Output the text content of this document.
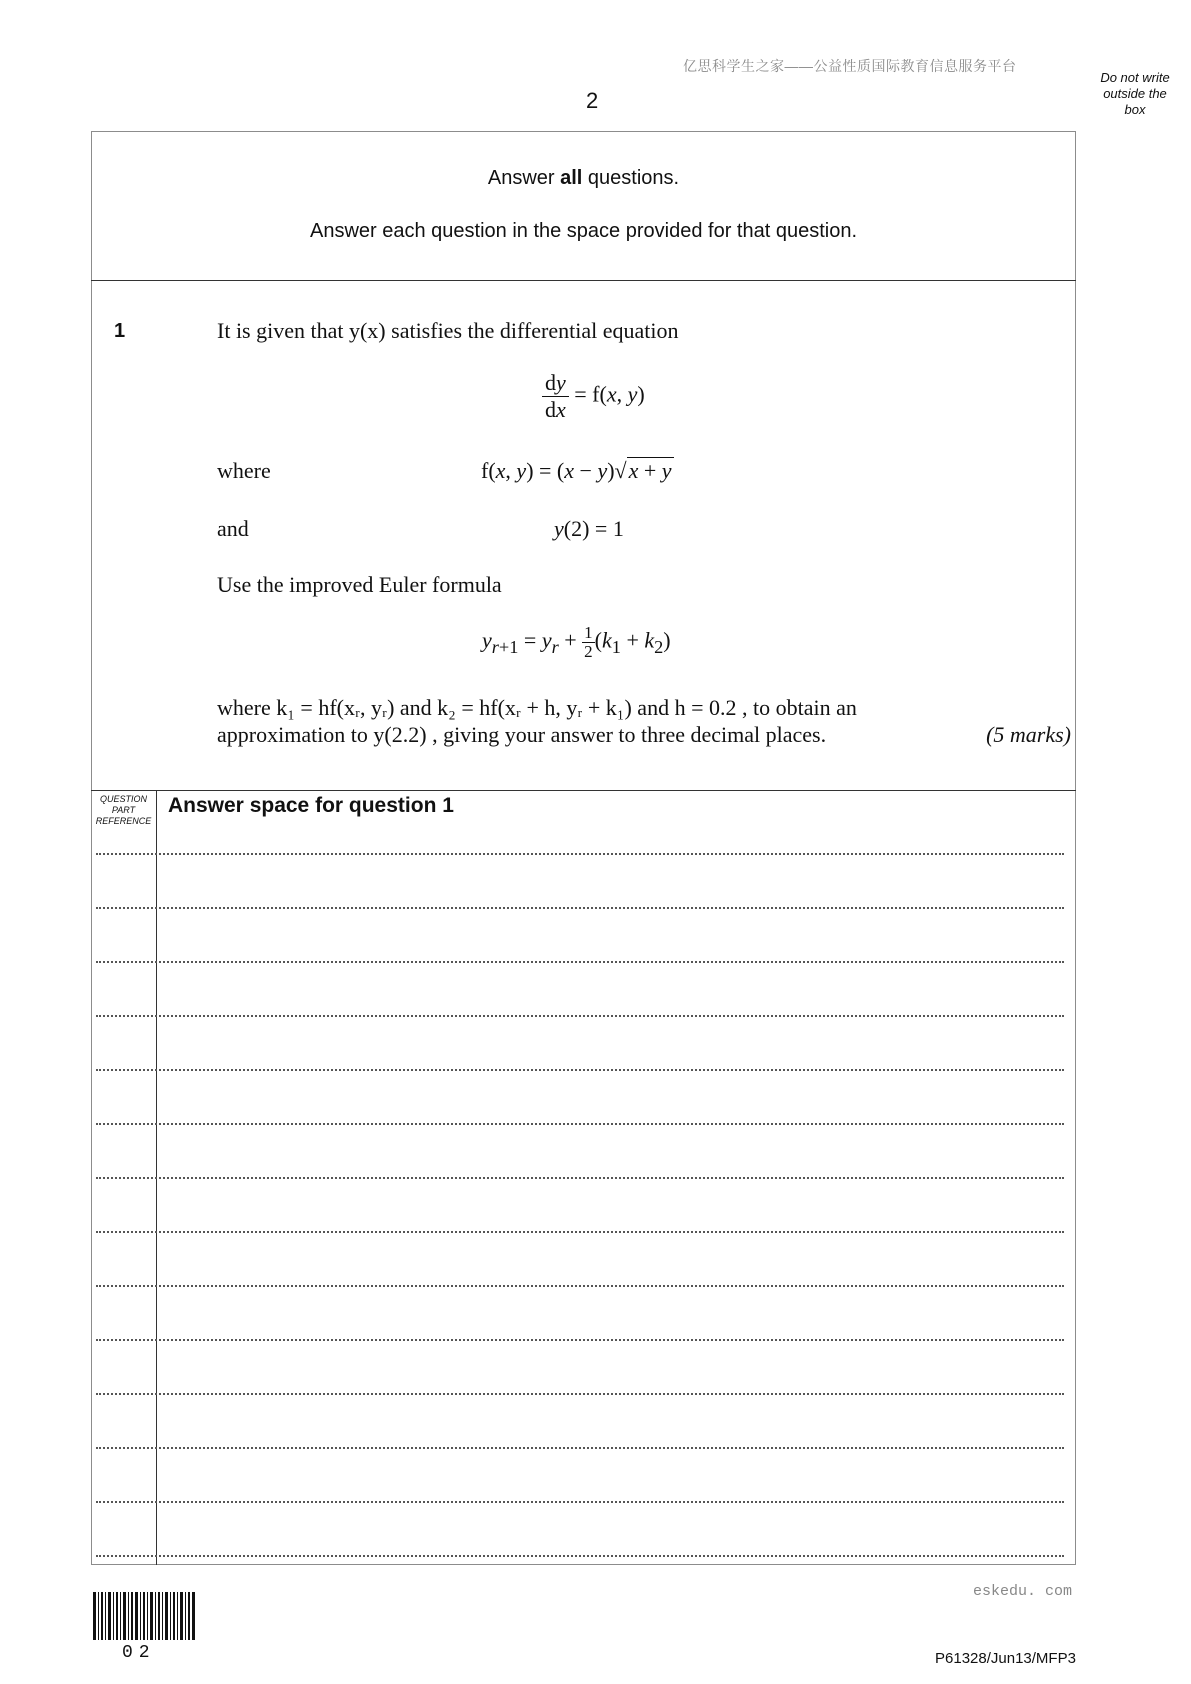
亿思科学生之家——公益性质国际教育信息服务平台
2
Do not write
outside the
box
Answer all questions.
Answer each question in the space provided for that question.
1	It is given that y(x) satisfies the differential equation
$\frac{dy}{dx} = f(x$, y)
where	f(x, y) = (x − y)√x + y
and	y(2) = 1
Use the improved Euler formula
$y_{r+1} = y_r + \frac{1}{2} (k_1 + k_2)$
where k₁ = hf(xᵣ, yᵣ) and k₂ = hf(xᵣ + h, yᵣ + k₁) and h = 0.2 , to obtain an
approximation to y(2.2) , giving your answer to three decimal places.	(5 marks)
QUESTION
PART
REFERENCE
Answer space for question 1
02
eskedu. com
P61328/Jun13/MFP3
